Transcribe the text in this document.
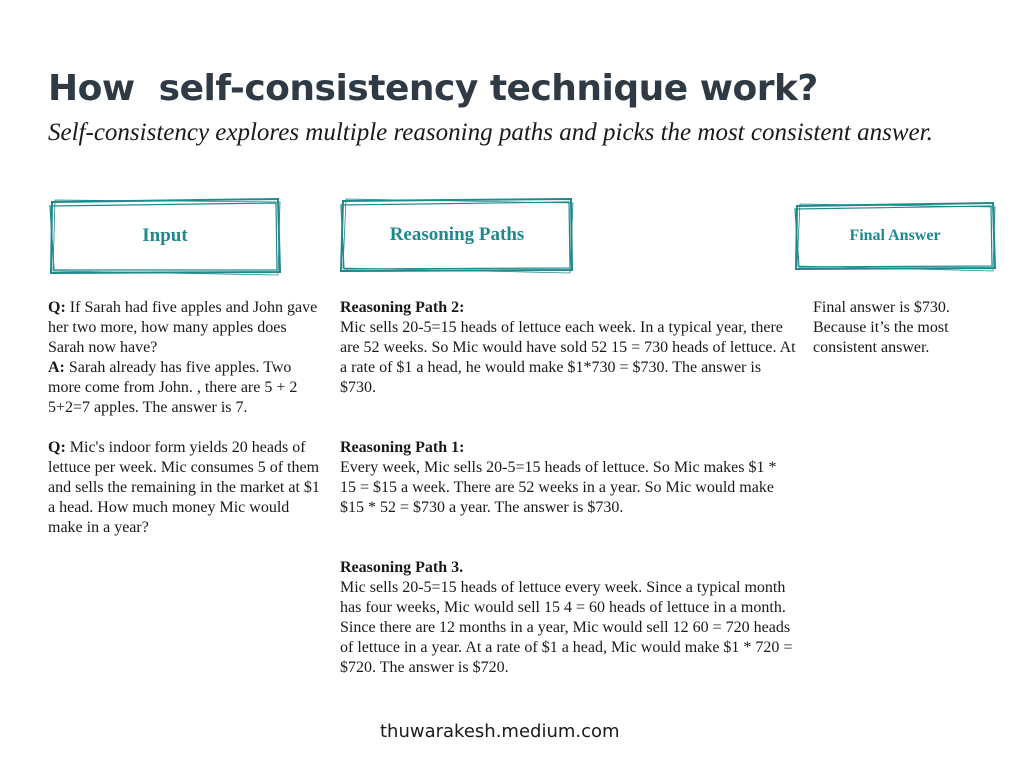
How  self-consistency technique work?

Self-consistency explores multiple reasoning paths and picks the most consistent answer.

Input	Reasoning Paths	Final Answer

Q: If Sarah had five apples and John gave her two more, how many apples does Sarah now have?

A: Sarah already has five apples. Two more come from John. , there are 5 + 2 5+2=7 apples. The answer is 7.

Q: Mic's indoor form yields 20 heads of lettuce per week. Mic consumes 5 of them and sells the remaining in the market at $1 a head. How much money Mic would make in a year?

Reasoning Path 2:
Mic sells 20-5=15 heads of lettuce each week. In a typical year, there are 52 weeks. So Mic would have sold 52 15 = 730 heads of lettuce. At a rate of $1 a head, he would make $1*730 = $730. The answer is $730.

Reasoning Path 1:
Every week, Mic sells 20-5=15 heads of lettuce. So Mic makes $1 * 15 = $15 a week. There are 52 weeks in a year. So Mic would make $15 * 52 = $730 a year. The answer is $730.

Reasoning Path 3.
Mic sells 20-5=15 heads of lettuce every week. Since a typical month has four weeks, Mic would sell 15 4 = 60 heads of lettuce in a month. Since there are 12 months in a year, Mic would sell 12 60 = 720 heads of lettuce in a year. At a rate of $1 a head, Mic would make $1 * 720 = $720. The answer is $720.

Final answer is $730. Because it’s the most consistent answer.

thuwarakesh.medium.com
